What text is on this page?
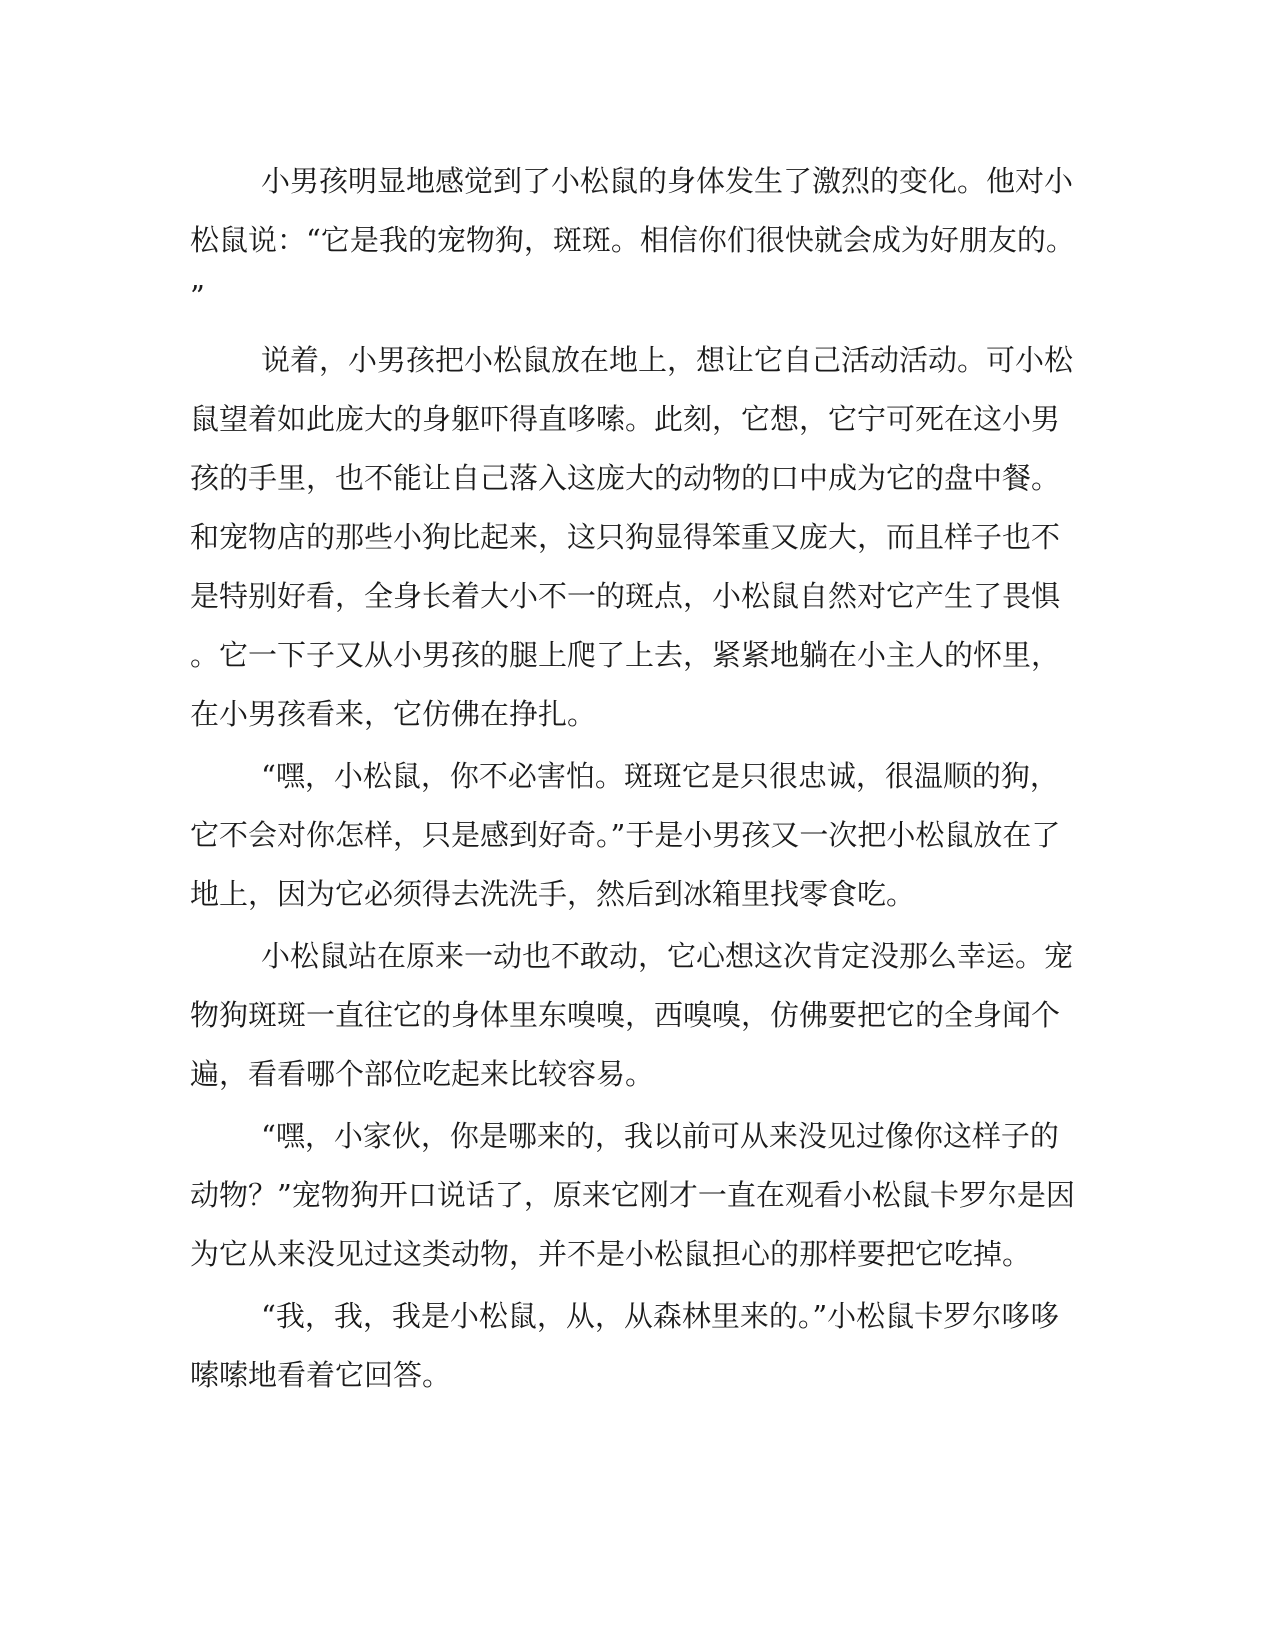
小男孩明显地感觉到了小松鼠的身体发生了激烈的变化。他对小
松鼠说：“它是我的宠物狗，斑斑。相信你们很快就会成为好朋友的。
”
说着，小男孩把小松鼠放在地上，想让它自己活动活动。可小松
鼠望着如此庞大的身躯吓得直哆嗦。此刻，它想，它宁可死在这小男
孩的手里，也不能让自己落入这庞大的动物的口中成为它的盘中餐。
和宠物店的那些小狗比起来，这只狗显得笨重又庞大，而且样子也不
是特别好看，全身长着大小不一的斑点，小松鼠自然对它产生了畏惧
。它一下子又从小男孩的腿上爬了上去，紧紧地躺在小主人的怀里，
在小男孩看来，它仿佛在挣扎。
“嘿，小松鼠，你不必害怕。斑斑它是只很忠诚，很温顺的狗，
它不会对你怎样，只是感到好奇。”于是小男孩又一次把小松鼠放在了
地上，因为它必须得去洗洗手，然后到冰箱里找零食吃。
小松鼠站在原来一动也不敢动，它心想这次肯定没那么幸运。宠
物狗斑斑一直往它的身体里东嗅嗅，西嗅嗅，仿佛要把它的全身闻个
遍，看看哪个部位吃起来比较容易。
“嘿，小家伙，你是哪来的，我以前可从来没见过像你这样子的
动物？”宠物狗开口说话了，原来它刚才一直在观看小松鼠卡罗尔是因
为它从来没见过这类动物，并不是小松鼠担心的那样要把它吃掉。
“我，我，我是小松鼠，从，从森林里来的。”小松鼠卡罗尔哆哆
嗦嗦地看着它回答。
